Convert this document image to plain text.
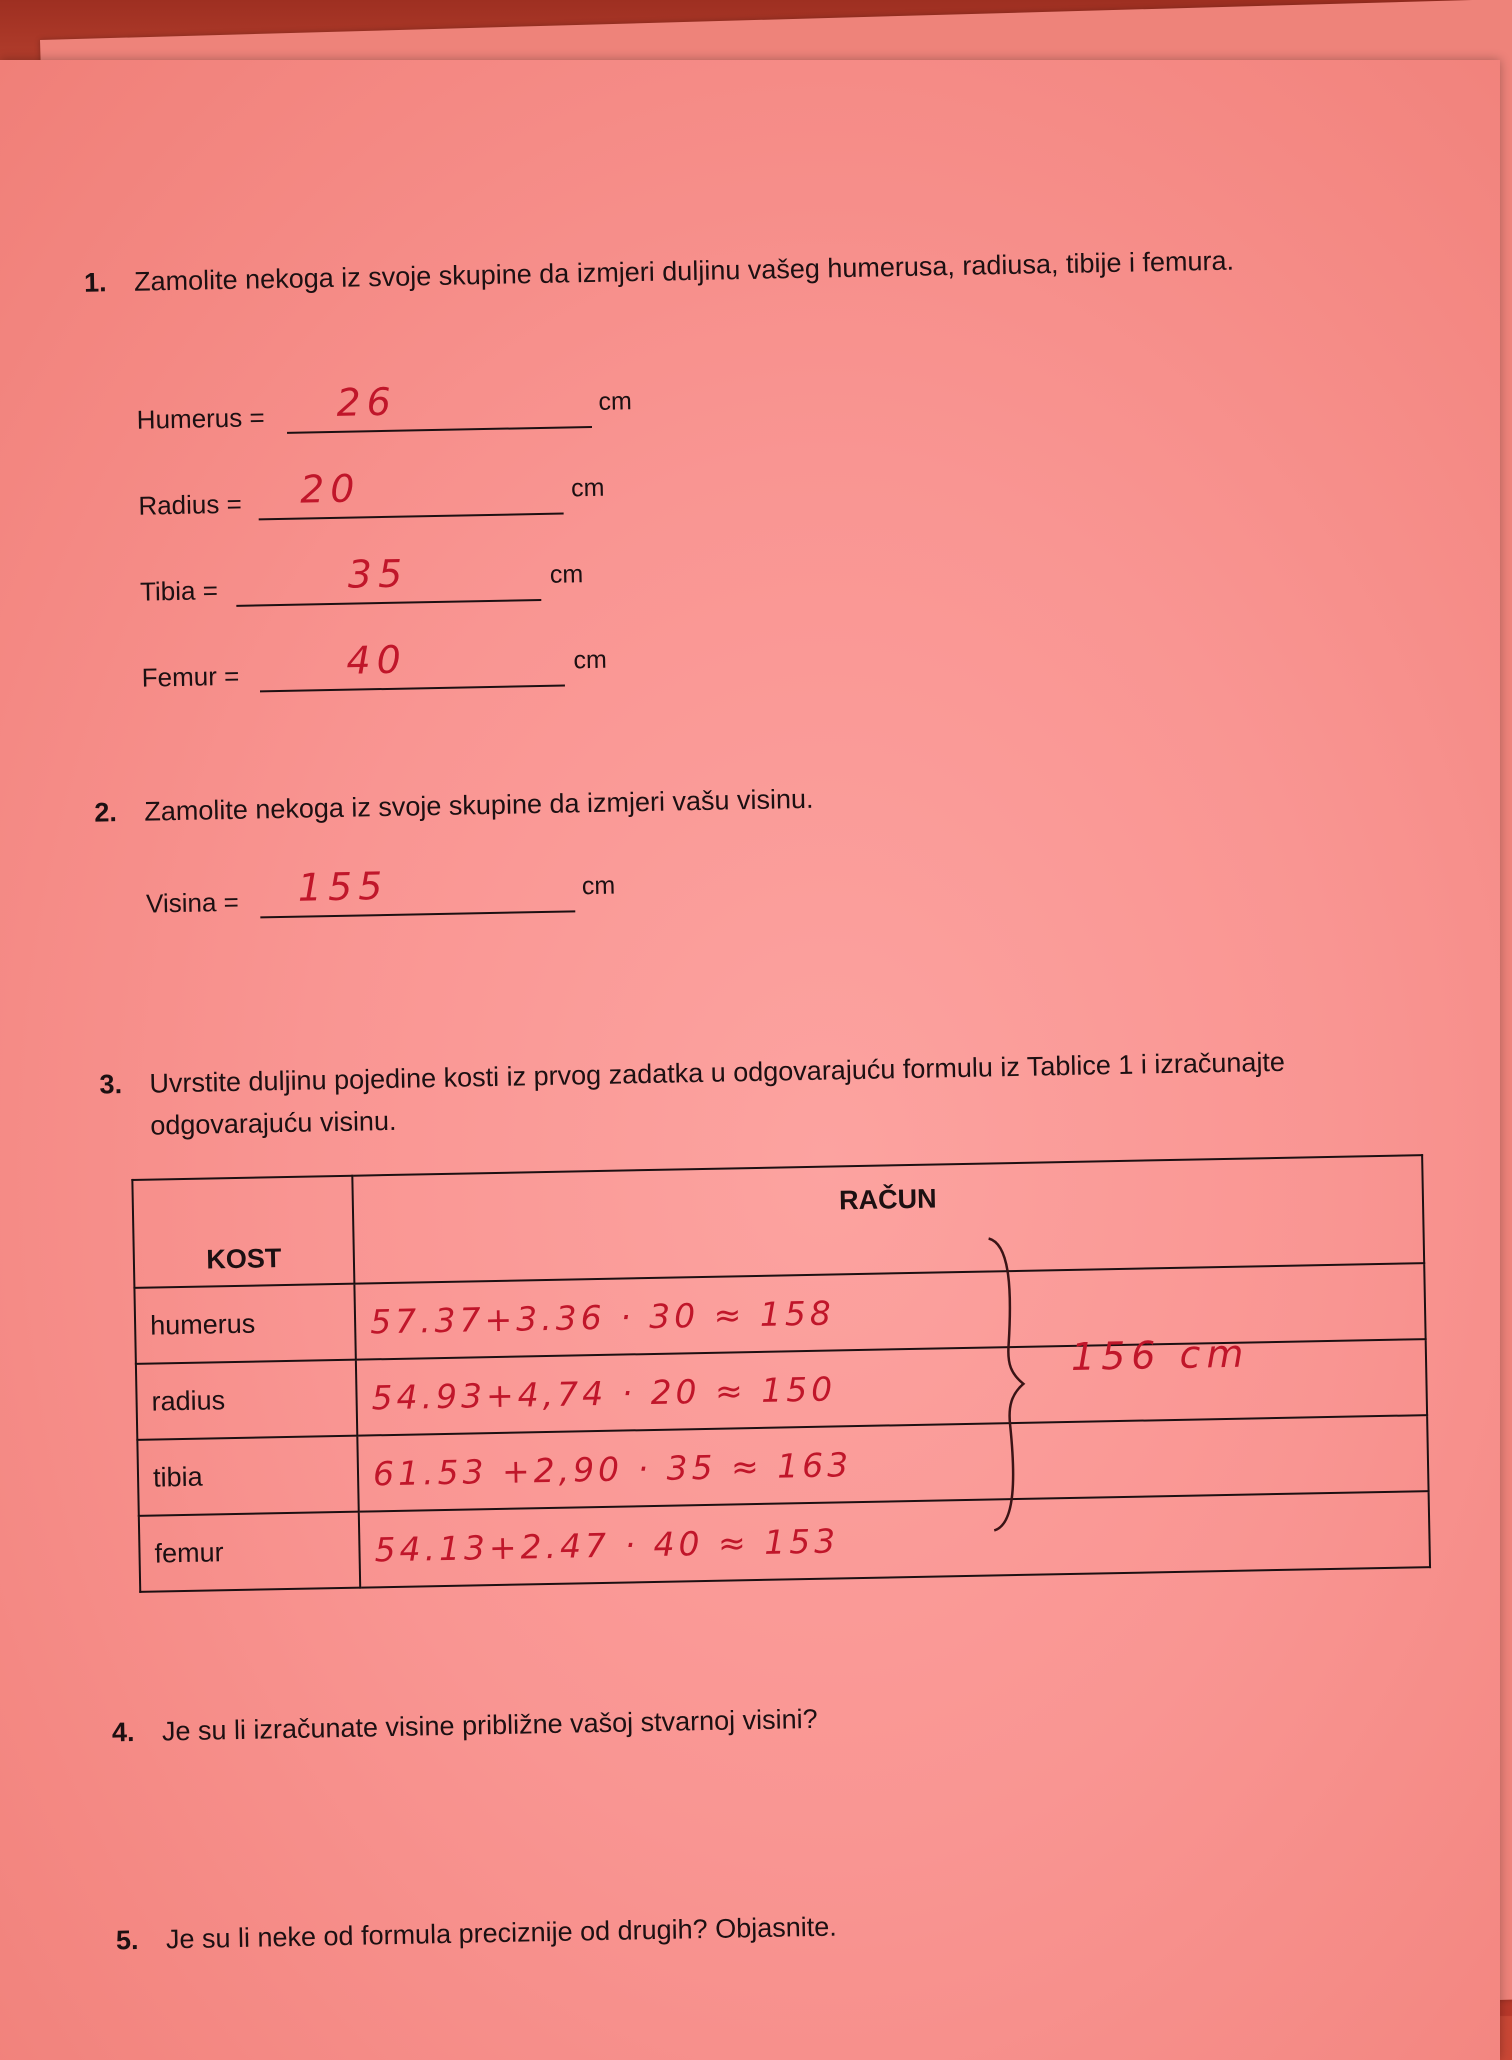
1. Zamolite nekoga iz svoje skupine da izmjeri duljinu vašeg humerusa, radiusa, tibije i femura.
Humerus = 26	cm
Radius = 20	cm
Tibia =	35	cm
Femur =	40	cm
2. Zamolite nekoga iz svoje skupine da izmjeri vašu visinu.
Visina = 155	cm
3. Uvrstite duljinu pojedine kosti iz prvog zadatka u odgovarajuću formulu iz Tablice 1 i izračunajte odgovarajuću visinu.
KOST	RAČUN
humerus	57.37+3.36 · 30 ≈ 158
radius	54.93+4,74 · 20 ≈ 150
tibia	61.53 +2,90 · 35 ≈ 163
femur	54.13+2.47 · 40 ≈ 153
156 cm
4. Je su li izračunate visine približne vašoj stvarnoj visini?
5. Je su li neke od formula preciznije od drugih? Objasnite.
